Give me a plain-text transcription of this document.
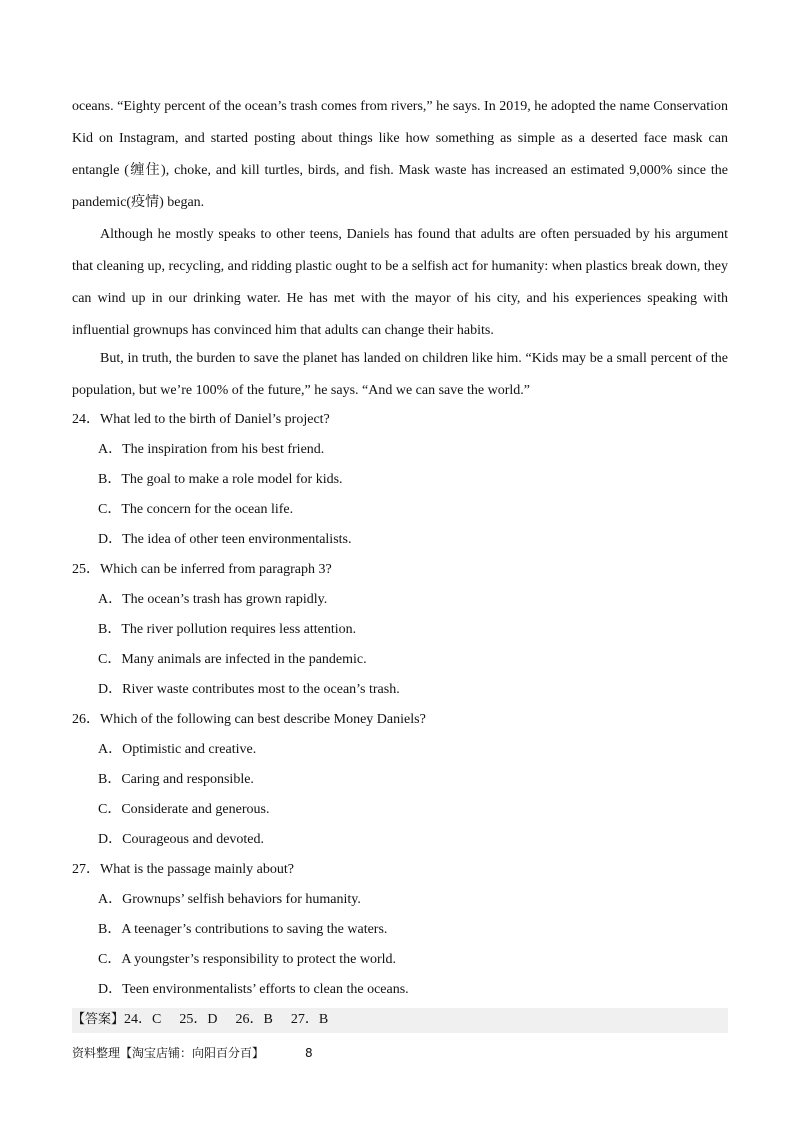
oceans. “Eighty percent of the ocean’s trash comes from rivers,” he says. In 2019, he adopted the name Conservation Kid on Instagram, and started posting about things like how something as simple as a deserted face mask can entangle (缠住), choke, and kill turtles, birds, and fish. Mask waste has increased an estimated 9,000% since the pandemic(疫情) began.
Although he mostly speaks to other teens, Daniels has found that adults are often persuaded by his argument that cleaning up, recycling, and ridding plastic ought to be a selfish act for humanity: when plastics break down, they can wind up in our drinking water. He has met with the mayor of his city, and his experiences speaking with influential grownups has convinced him that adults can change their habits.
But, in truth, the burden to save the planet has landed on children like him. “Kids may be a small percent of the population, but we’re 100% of the future,” he says. “And we can save the world.”
24．What led to the birth of Daniel’s project?
A．The inspiration from his best friend.
B．The goal to make a role model for kids.
C．The concern for the ocean life.
D．The idea of other teen environmentalists.
25．Which can be inferred from paragraph 3?
A．The ocean’s trash has grown rapidly.
B．The river pollution requires less attention.
C．Many animals are infected in the pandemic.
D．River waste contributes most to the ocean’s trash.
26．Which of the following can best describe Money Daniels?
A．Optimistic and creative.
B．Caring and responsible.
C．Considerate and generous.
D．Courageous and devoted.
27．What is the passage mainly about?
A．Grownups’ selfish behaviors for humanity.
B．A teenager’s contributions to saving the waters.
C．A youngster’s responsibility to protect the world.
D．Teen environmentalists’ efforts to clean the oceans.
【答案】24．C 25．D 26．B 27．B
资料整理【淘宝店铺：向阳百分百】	8
